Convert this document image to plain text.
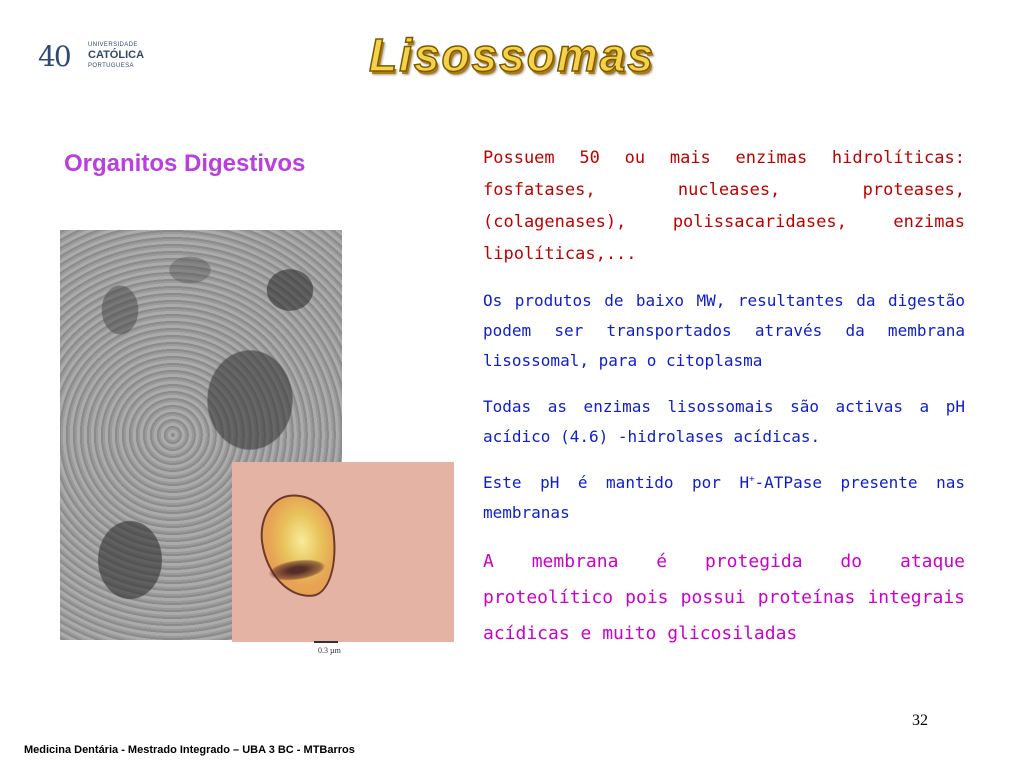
40	UNIVERSIDADE
CATÓLICA
PORTUGUESA	Lisossomas
Organitos Digestivos
0.3 µm

Possuem 50 ou mais enzimas hidrolíticas: fosfatases, nucleases, proteases, (colagenases), polissacaridases, enzimas lipolíticas,...

Os produtos de baixo MW, resultantes da digestão podem ser transportados através da membrana lisossomal, para o citoplasma

Todas as enzimas lisossomais são activas a pH acídico (4.6) -hidrolases acídicas.

Este pH é mantido por H+-ATPase presente nas membranas

A membrana é protegida do ataque proteolítico pois possui proteínas integrais acídicas e muito glicosiladas

32
Medicina Dentária - Mestrado Integrado – UBA 3 BC - MTBarros
